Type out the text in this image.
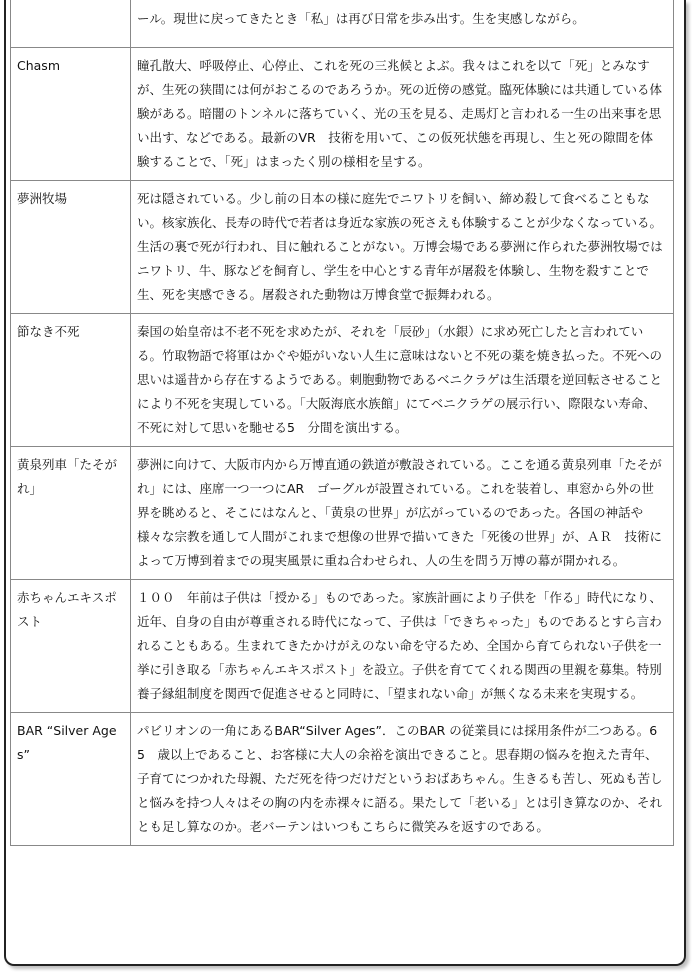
	ール。現世に戻ってきたとき「私」は再び日常を歩み出す。生を実感しながら。
Chasm	瞳孔散大、呼吸停止、心停止、これを死の三兆候とよぶ。我々はこれを以て「死」とみなすが、生死の狭間には何がおこるのであろうか。死の近傍の感覚。臨死体験には共通している体験がある。暗闇のトンネルに落ちていく、光の玉を見る、走馬灯と言われる一生の出来事を思い出す、などである。最新のVR　技術を用いて、この仮死状態を再現し、生と死の隙間を体験することで、「死」はまったく別の様相を呈する。
夢洲牧場	死は隠されている。少し前の日本の様に庭先でニワトリを飼い、締め殺して食べることもない。核家族化、長寿の時代で若者は身近な家族の死さえも体験することが少なくなっている。生活の裏で死が行われ、目に触れることがない。万博会場である夢洲に作られた夢洲牧場ではニワトリ、牛、豚などを飼育し、学生を中心とする青年が屠殺を体験し、生物を殺すことで生、死を実感できる。屠殺された動物は万博食堂で振舞われる。
節なき不死	秦国の始皇帝は不老不死を求めたが、それを「辰砂」（水銀）に求め死亡したと言われている。竹取物語で将軍はかぐや姫がいない人生に意味はないと不死の薬を焼き払った。不死への思いは遥昔から存在するようである。刺胞動物であるベニクラゲは生活環を逆回転させることにより不死を実現している。「大阪海底水族館」にてベニクラゲの展示行い、際限ない寿命、不死に対して思いを馳せる5　分間を演出する。
黄泉列車「たそがれ」	夢洲に向けて、大阪市内から万博直通の鉄道が敷設されている。ここを通る黄泉列車「たそがれ」には、座席一つ一つにAR　ゴーグルが設置されている。これを装着し、車窓から外の世界を眺めると、そこにはなんと、「黄泉の世界」が広がっているのであった。各国の神話や様々な宗教を通して人間がこれまで想像の世界で描いてきた「死後の世界」が、ＡＲ　技術によって万博到着までの現実風景に重ね合わせられ、人の生を問う万博の幕が開かれる。
赤ちゃんエキスポスト	１００　年前は子供は「授かる」ものであった。家族計画により子供を「作る」時代になり、近年、自身の自由が尊重される時代になって、子供は「できちゃった」ものであるとすら言われることもある。生まれてきたかけがえのない命を守るため、全国から育てられない子供を一挙に引き取る「赤ちゃんエキスポスト」を設立。子供を育ててくれる関西の里親を募集。特別養子縁組制度を関西で促進させると同時に、「望まれない命」が無くなる未来を実現する。
BAR “Silver Ages”	パビリオンの一角にあるBAR“Silver Ages”．このBAR の従業員には採用条件が二つある。65　歳以上であること、お客様に大人の余裕を演出できること。思春期の悩みを抱えた青年、子育てにつかれた母親、ただ死を待つだけだというおばあちゃん。生きるも苦し、死ぬも苦しと悩みを持つ人々はその胸の内を赤裸々に語る。果たして「老いる」とは引き算なのか、それとも足し算なのか。老バーテンはいつもこちらに微笑みを返すのである。
